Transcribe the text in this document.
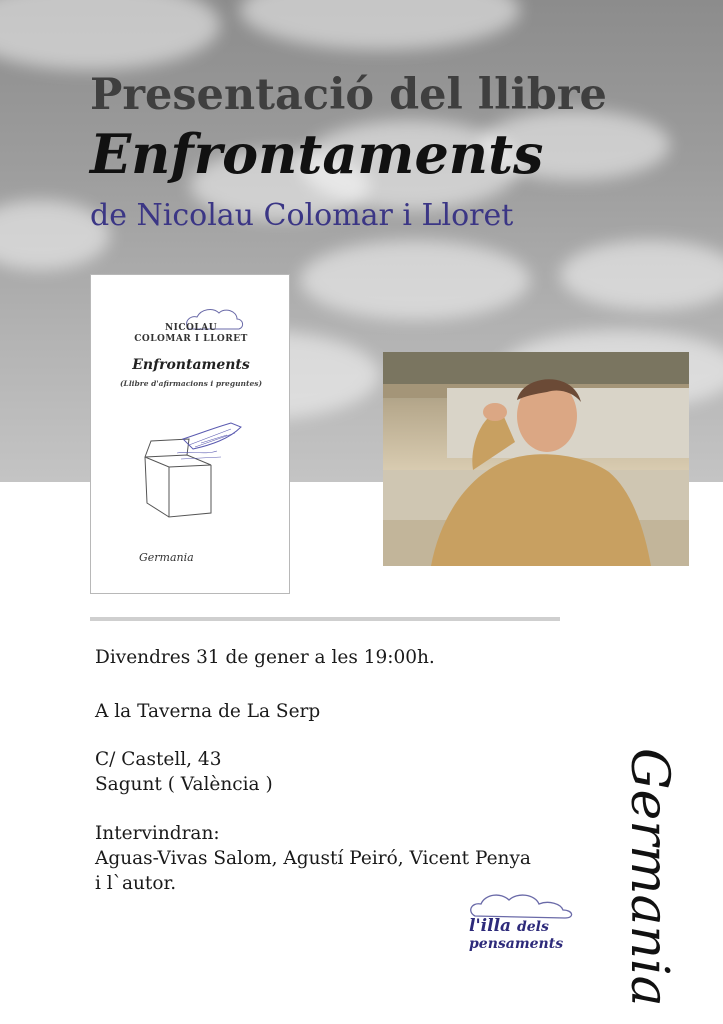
Presentació del llibre
Enfrontaments

de Nicolau Colomar i Lloret

NICOLAU
COLOMAR I LLORET
Enfrontaments
(Llibre d'afirmacions i preguntes)
Germania

Divendres 31 de gener a les 19:00h.

A la Taverna de La Serp

C/ Castell, 43

Sagunt ( València )

Intervindran:

Aguas-Vivas Salom, Agustí Peiró, Vicent Penya

i l`autor.

l'illa dels
pensaments Germania
